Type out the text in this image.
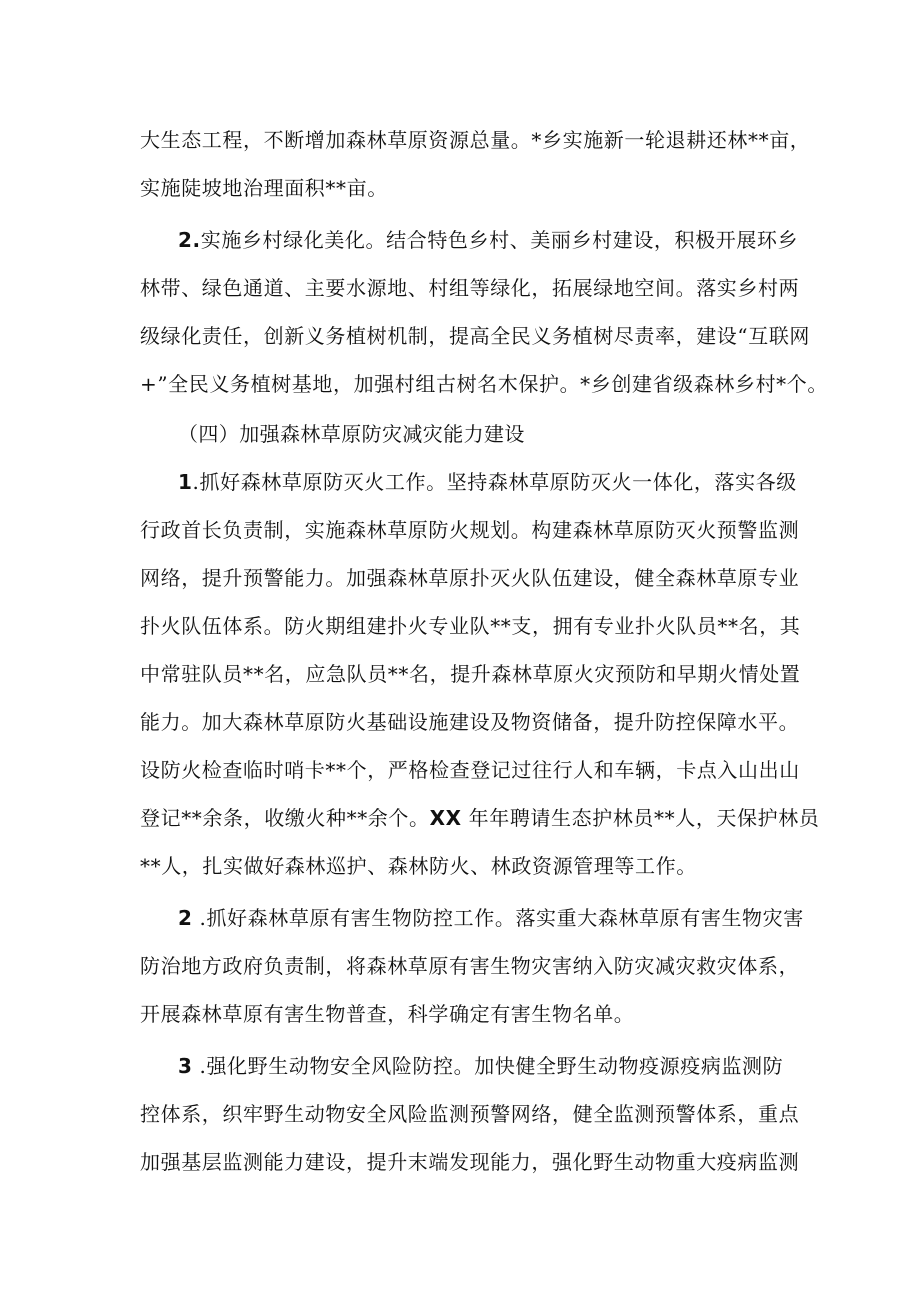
大生态工程，不断增加森林草原资源总量。*乡实施新一轮退耕还林**亩，
实施陡坡地治理面积**亩。
2.实施乡村绿化美化。结合特色乡村、美丽乡村建设，积极开展环乡
林带、绿色通道、主要水源地、村组等绿化，拓展绿地空间。落实乡村两
级绿化责任，创新义务植树机制，提高全民义务植树尽责率，建设“互联网
+”全民义务植树基地，加强村组古树名木保护。*乡创建省级森林乡村*个。
（四）加强森林草原防灾减灾能力建设
1.抓好森林草原防灭火工作。坚持森林草原防灭火一体化，落实各级
行政首长负责制，实施森林草原防火规划。构建森林草原防灭火预警监测
网络，提升预警能力。加强森林草原扑灭火队伍建设，健全森林草原专业
扑火队伍体系。防火期组建扑火专业队**支，拥有专业扑火队员**名，其
中常驻队员**名，应急队员**名，提升森林草原火灾预防和早期火情处置
能力。加大森林草原防火基础设施建设及物资储备，提升防控保障水平。
设防火检查临时哨卡**个，严格检查登记过往行人和车辆，卡点入山出山
登记**余条，收缴火种**余个。XX 年年聘请生态护林员**人，天保护林员
**人，扎实做好森林巡护、森林防火、林政资源管理等工作。
2 .抓好森林草原有害生物防控工作。落实重大森林草原有害生物灾害
防治地方政府负责制，将森林草原有害生物灾害纳入防灾减灾救灾体系，
开展森林草原有害生物普查，科学确定有害生物名单。
3 .强化野生动物安全风险防控。加快健全野生动物疫源疫病监测防
控体系，织牢野生动物安全风险监测预警网络，健全监测预警体系，重点
加强基层监测能力建设，提升末端发现能力，强化野生动物重大疫病监测
